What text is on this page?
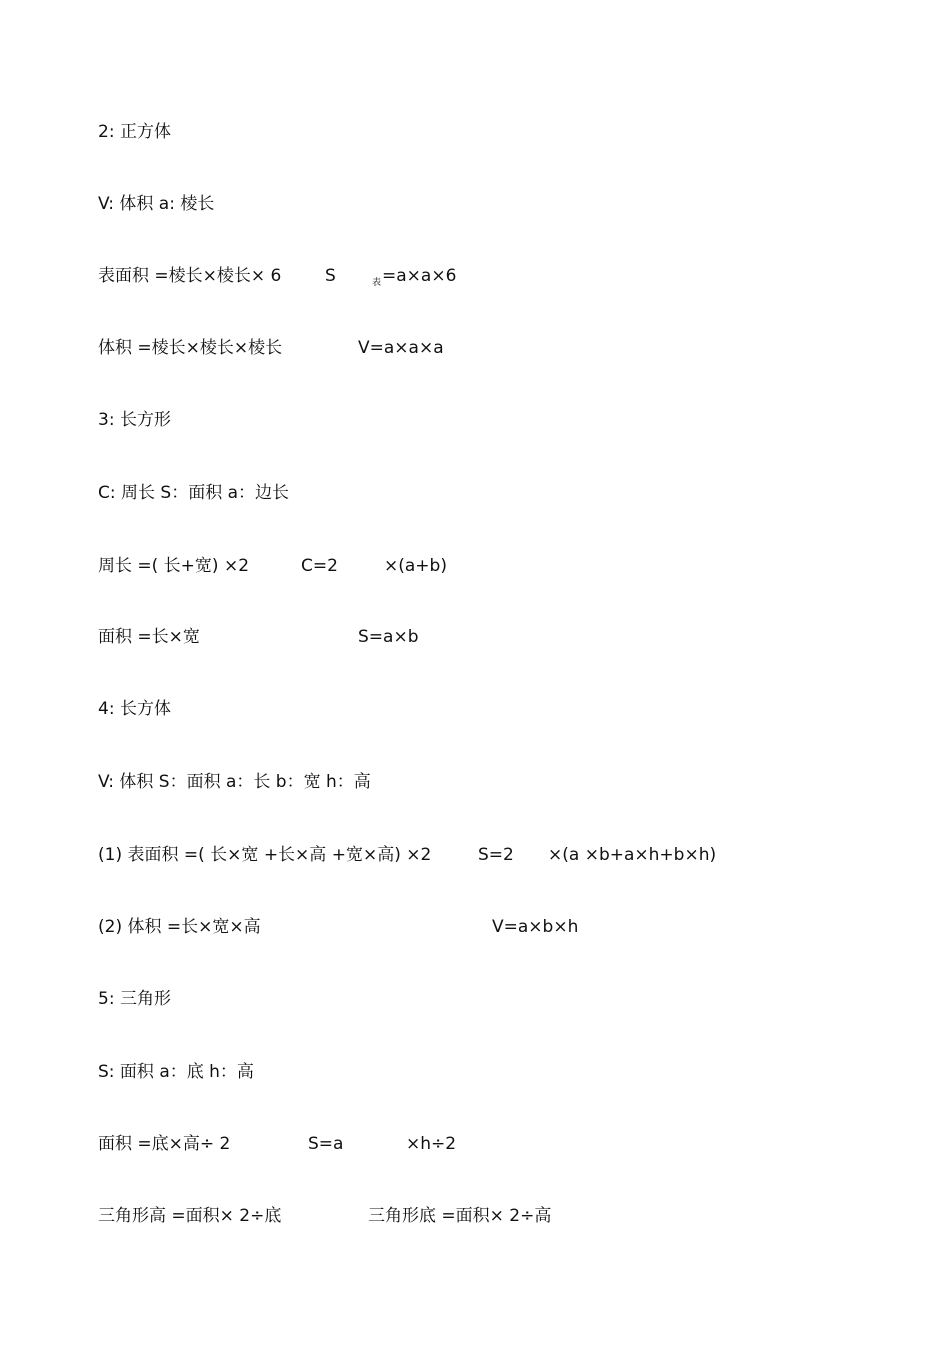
2: 正方体
V: 体积 a: 棱长
表面积 =棱长×棱长× 6	S	$_表$=a×a×6
体积 =棱长×棱长×棱长	V=a×a×a
3: 长方形
C: 周长 S：面积 a：边长
周长 =( 长+宽) ×2	C=2	×(a+b)
面积 =长×宽	S=a×b
4: 长方体
V: 体积 S：面积 a：长 b：宽 h：高
(1) 表面积 =( 长×宽 +长×高 +宽×高) ×2	S=2 ×(a ×b+a×h+b×h)
(2) 体积 =长×宽×高	V=a×b×h
5: 三角形
S: 面积 a：底 h：高
面积 =底×高÷ 2	S=a	×h÷2
三角形高 =面积× 2÷底	三角形底 =面积× 2÷高
